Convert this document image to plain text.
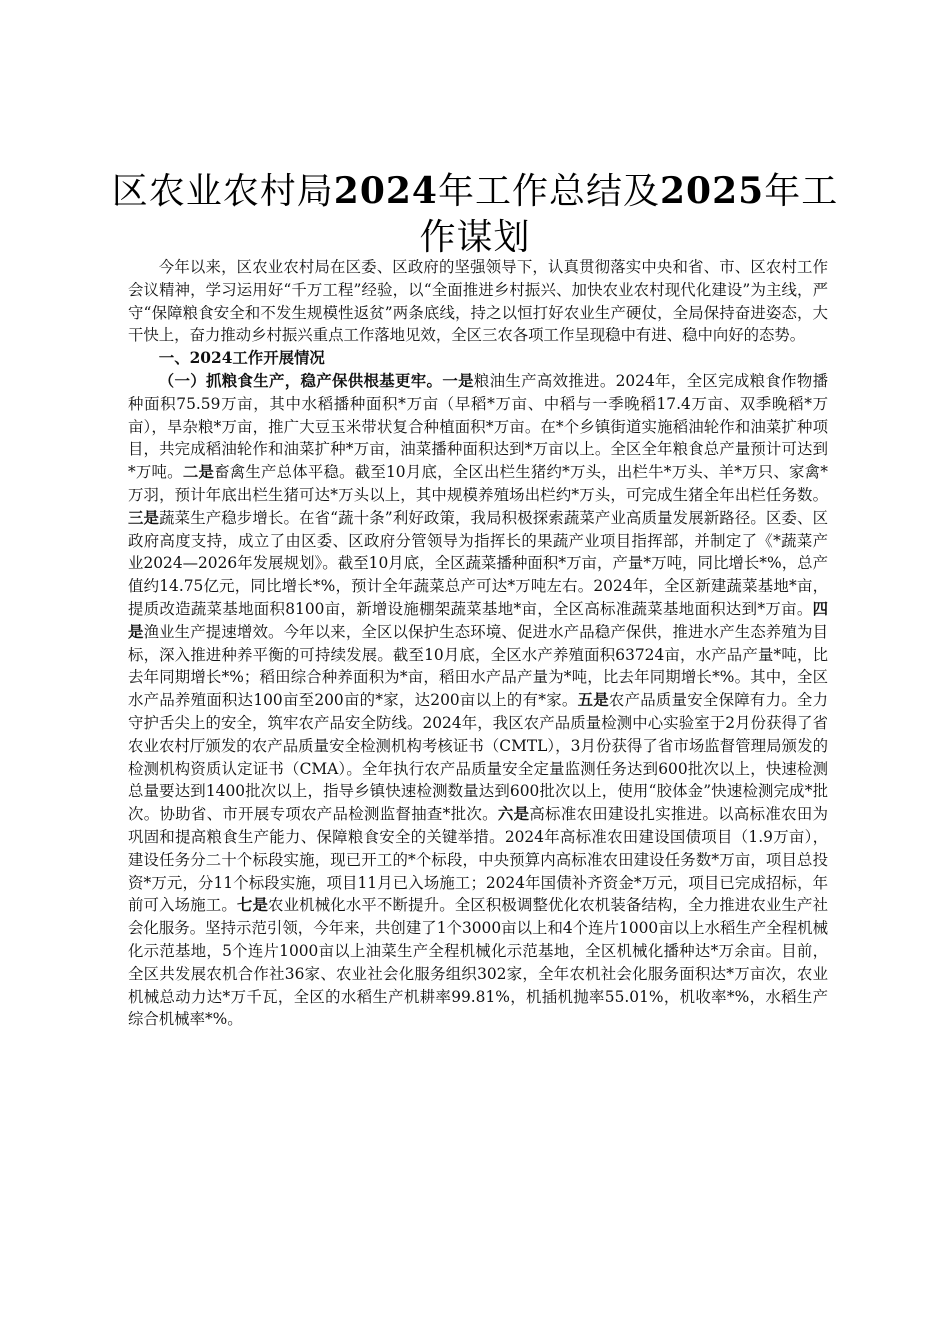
区农业农村局2024年工作总结及2025年工作谋划

今年以来，区农业农村局在区委、区政府的坚强领导下，认真贯彻落实中央和省、市、区农村工作会议精神，学习运用好“千万工程”经验，以“全面推进乡村振兴、加快农业农村现代化建设”为主线，严守“保障粮食安全和不发生规模性返贫”两条底线，持之以恒打好农业生产硬仗，全局保持奋进姿态，大干快上，奋力推动乡村振兴重点工作落地见效，全区三农各项工作呈现稳中有进、稳中向好的态势。

一、2024工作开展情况

（一）抓粮食生产，稳产保供根基更牢。一是粮油生产高效推进。2024年，全区完成粮食作物播种面积75.59万亩，其中水稻播种面积*万亩（早稻*万亩、中稻与一季晚稻17.4万亩、双季晚稻*万亩），旱杂粮*万亩，推广大豆玉米带状复合种植面积*万亩。在*个乡镇街道实施稻油轮作和油菜扩种项目，共完成稻油轮作和油菜扩种*万亩，油菜播种面积达到*万亩以上。全区全年粮食总产量预计可达到*万吨。二是畜禽生产总体平稳。截至10月底，全区出栏生猪约*万头，出栏牛*万头、羊*万只、家禽*万羽，预计年底出栏生猪可达*万头以上，其中规模养殖场出栏约*万头，可完成生猪全年出栏任务数。三是蔬菜生产稳步增长。在省“蔬十条”利好政策，我局积极探索蔬菜产业高质量发展新路径。区委、区政府高度支持，成立了由区委、区政府分管领导为指挥长的果蔬产业项目指挥部，并制定了《*蔬菜产业2024—2026年发展规划》。截至10月底，全区蔬菜播种面积*万亩，产量*万吨，同比增长*%，总产值约14.75亿元，同比增长*%，预计全年蔬菜总产可达*万吨左右。2024年，全区新建蔬菜基地*亩，提质改造蔬菜基地面积8100亩，新增设施棚架蔬菜基地*亩，全区高标准蔬菜基地面积达到*万亩。四是渔业生产提速增效。今年以来，全区以保护生态环境、促进水产品稳产保供，推进水产生态养殖为目标，深入推进种养平衡的可持续发展。截至10月底，全区水产养殖面积63724亩，水产品产量*吨，比去年同期增长*%；稻田综合种养面积为*亩，稻田水产品产量为*吨，比去年同期增长*%。其中，全区水产品养殖面积达100亩至200亩的*家，达200亩以上的有*家。五是农产品质量安全保障有力。全力守护舌尖上的安全，筑牢农产品安全防线。2024年，我区农产品质量检测中心实验室于2月份获得了省农业农村厅颁发的农产品质量安全检测机构考核证书（CMTL），3月份获得了省市场监督管理局颁发的检测机构资质认定证书（CMA）。全年执行农产品质量安全定量监测任务达到600批次以上，快速检测总量要达到1400批次以上，指导乡镇快速检测数量达到600批次以上，使用“胶体金”快速检测完成*批次。协助省、市开展专项农产品检测监督抽查*批次。六是高标准农田建设扎实推进。以高标准农田为巩固和提高粮食生产能力、保障粮食安全的关键举措。2024年高标准农田建设国债项目（1.9万亩），建设任务分二十个标段实施，现已开工的*个标段，中央预算内高标准农田建设任务数*万亩，项目总投资*万元，分11个标段实施，项目11月已入场施工；2024年国债补齐资金*万元，项目已完成招标，年前可入场施工。七是农业机械化水平不断提升。全区积极调整优化农机装备结构，全力推进农业生产社会化服务。坚持示范引领，今年来，共创建了1个3000亩以上和4个连片1000亩以上水稻生产全程机械化示范基地，5个连片1000亩以上油菜生产全程机械化示范基地，全区机械化播种达*万余亩。目前，全区共发展农机合作社36家、农业社会化服务组织302家，全年农机社会化服务面积达*万亩次，农业机械总动力达*万千瓦，全区的水稻生产机耕率99.81%，机插机抛率55.01%，机收率*%，水稻生产综合机械率*%。
